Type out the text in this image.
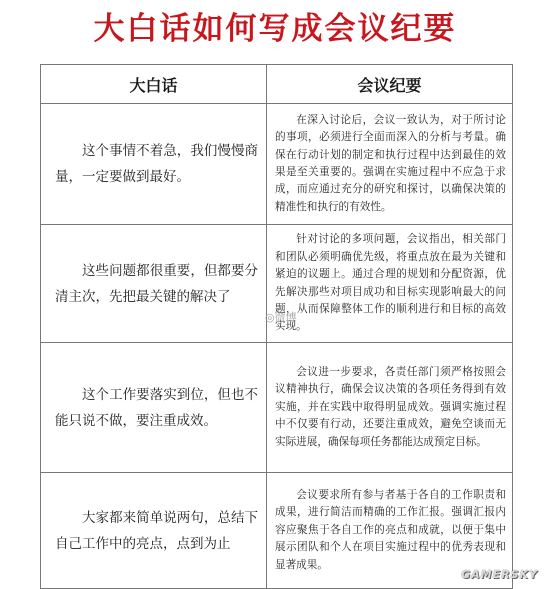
大白话如何写成会议纪要
大白话	会议纪要

这个事情不着急，我们慢慢商量，一定要做到最好。	在深入讨论后，会议一致认为，对于所讨论的事项，必须进行全面而深入的分析与考量。确保在行动计划的制定和执行过程中达到最佳的效果是至关重要的。强调在实施过程中不应急于求成，而应通过充分的研究和探讨，以确保决策的精准性和执行的有效性。

这些问题都很重要，但都要分清主次，先把最关键的解决了	针对讨论的多项问题，会议指出，相关部门和团队必须明确优先级，将重点放在最为关键和紧迫的议题上。通过合理的规划和分配资源，优先解决那些对项目成功和目标实现影响最大的问题，从而保障整体工作的顺利进行和目标的高效实现。

这个工作要落实到位，但也不能只说不做，要注重成效。	会议进一步要求，各责任部门须严格按照会议精神执行，确保会议决策的各项任务得到有效实施，并在实践中取得明显成效。强调实施过程中不仅要有行动，还要注重成效，避免空谈而无实际进展，确保每项任务都能达成预定目标。

大家都来简单说两句，总结下自己工作中的亮点，点到为止	会议要求所有参与者基于各自的工作职责和成果，进行简洁而精确的工作汇报。强调汇报内容应聚焦于各自工作的亮点和成就，以便于集中展示团队和个人在项目实施过程中的优秀表现和显著成果。
◎微博
GAMERSKY
